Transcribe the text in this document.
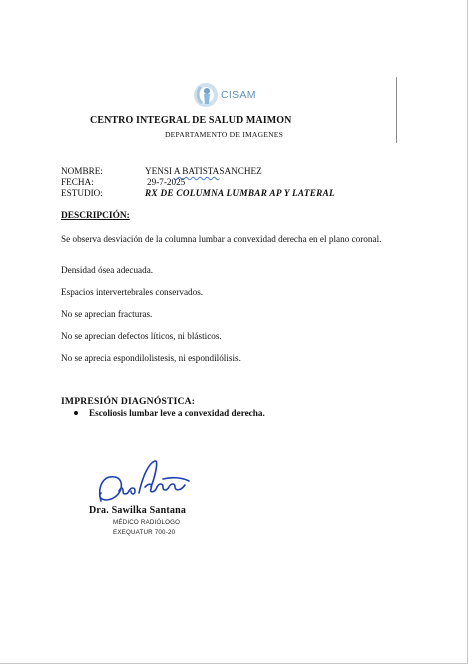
CISAM
CENTRO INTEGRAL DE SALUD MAIMON
DEPARTAMENTO DE IMAGENES
NOMBRE:	YENSI A BATISTASANCHEZ
FECHA:	29-7-2025
ESTUDIO:	RX DE COLUMNA LUMBAR AP Y LATERAL
DESCRIPCIÓN:
Se observa desviación de la columna lumbar a convexidad derecha en el plano coronal.
Densidad ósea adecuada.
Espacios intervertebrales conservados.
No se aprecian fracturas.
No se aprecian defectos líticos, ni blásticos.
No se aprecia espondilolistesis, ni espondilólisis.
IMPRESIÓN DIAGNÓSTICA:
Escoliosis lumbar leve a convexidad derecha.
Dra. Sawilka Santana
MÉDICO RADIÓLOGO
EXEQUATUR 700-20
